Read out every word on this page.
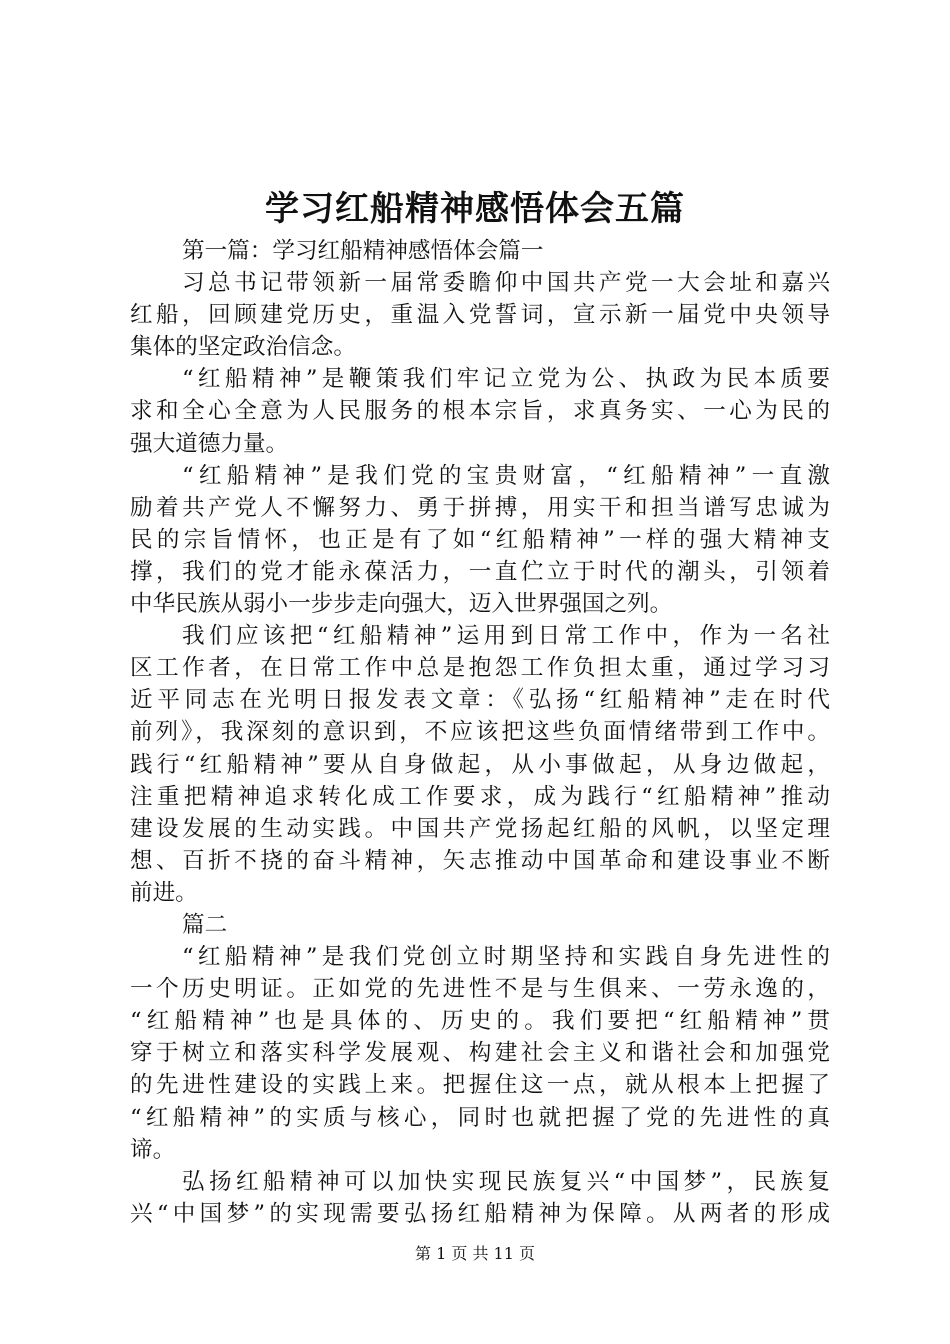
学习红船精神感悟体会五篇
第一篇：学习红船精神感悟体会篇一
习总书记带领新一届常委瞻仰中国共产党一大会址和嘉兴
红船，回顾建党历史，重温入党誓词，宣示新一届党中央领导
集体的坚定政治信念。
“红船精神”是鞭策我们牢记立党为公、执政为民本质要
求和全心全意为人民服务的根本宗旨，求真务实、一心为民的
强大道德力量。
“红船精神”是我们党的宝贵财富，“红船精神”一直激
励着共产党人不懈努力、勇于拼搏，用实干和担当谱写忠诚为
民的宗旨情怀，也正是有了如“红船精神”一样的强大精神支
撑，我们的党才能永葆活力，一直伫立于时代的潮头，引领着
中华民族从弱小一步步走向强大，迈入世界强国之列。
我们应该把“红船精神”运用到日常工作中，作为一名社
区工作者，在日常工作中总是抱怨工作负担太重，通过学习习
近平同志在光明日报发表文章：《弘扬“红船精神”走在时代
前列》，我深刻的意识到，不应该把这些负面情绪带到工作中。
践行“红船精神”要从自身做起，从小事做起，从身边做起，
注重把精神追求转化成工作要求，成为践行“红船精神”推动
建设发展的生动实践。中国共产党扬起红船的风帆，以坚定理
想、百折不挠的奋斗精神，矢志推动中国革命和建设事业不断
前进。
篇二
“红船精神”是我们党创立时期坚持和实践自身先进性的
一个历史明证。正如党的先进性不是与生俱来、一劳永逸的，
“红船精神”也是具体的、历史的。我们要把“红船精神”贯
穿于树立和落实科学发展观、构建社会主义和谐社会和加强党
的先进性建设的实践上来。把握住这一点，就从根本上把握了
“红船精神”的实质与核心，同时也就把握了党的先进性的真
谛。
弘扬红船精神可以加快实现民族复兴“中国梦”，民族复
兴“中国梦”的实现需要弘扬红船精神为保障。从两者的形成
第 1 页 共 11 页
